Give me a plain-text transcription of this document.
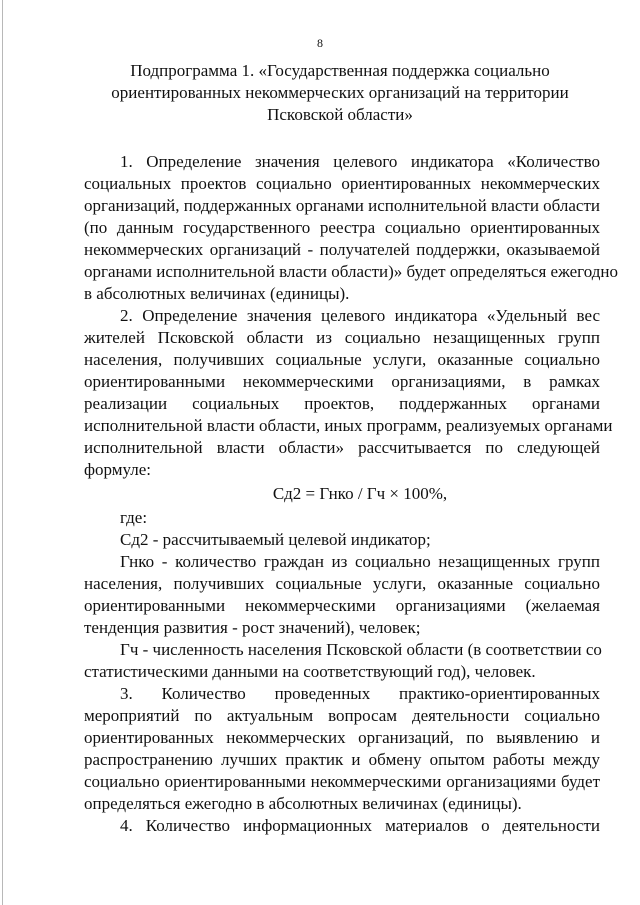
8
Подпрограмма 1. «Государственная поддержка социально
ориентированных некоммерческих организаций на территории
Псковской области»
1. Определение значения целевого индикатора «Количество
социальных проектов социально ориентированных некоммерческих
организаций, поддержанных органами исполнительной власти области
(по данным государственного реестра социально ориентированных
некоммерческих организаций - получателей поддержки, оказываемой
органами исполнительной власти области)» будет определяться ежегодно
в абсолютных величинах (единицы).
2. Определение значения целевого индикатора «Удельный вес
жителей Псковской области из социально незащищенных групп
населения, получивших социальные услуги, оказанные социально
ориентированными некоммерческими организациями, в рамках
реализации социальных проектов, поддержанных органами
исполнительной власти области, иных программ, реализуемых органами
исполнительной власти области» рассчитывается по следующей
формуле:
Сд2 = Гнко / Гч × 100%,
где:
Сд2 - рассчитываемый целевой индикатор;
Гнко - количество граждан из социально незащищенных групп
населения, получивших социальные услуги, оказанные социально
ориентированными некоммерческими организациями (желаемая
тенденция развития - рост значений), человек;
Гч - численность населения Псковской области (в соответствии со
статистическими данными на соответствующий год), человек.
3. Количество проведенных практико-ориентированных
мероприятий по актуальным вопросам деятельности социально
ориентированных некоммерческих организаций, по выявлению и
распространению лучших практик и обмену опытом работы между
социально ориентированными некоммерческими организациями будет
определяться ежегодно в абсолютных величинах (единицы).
4. Количество информационных материалов о деятельности
